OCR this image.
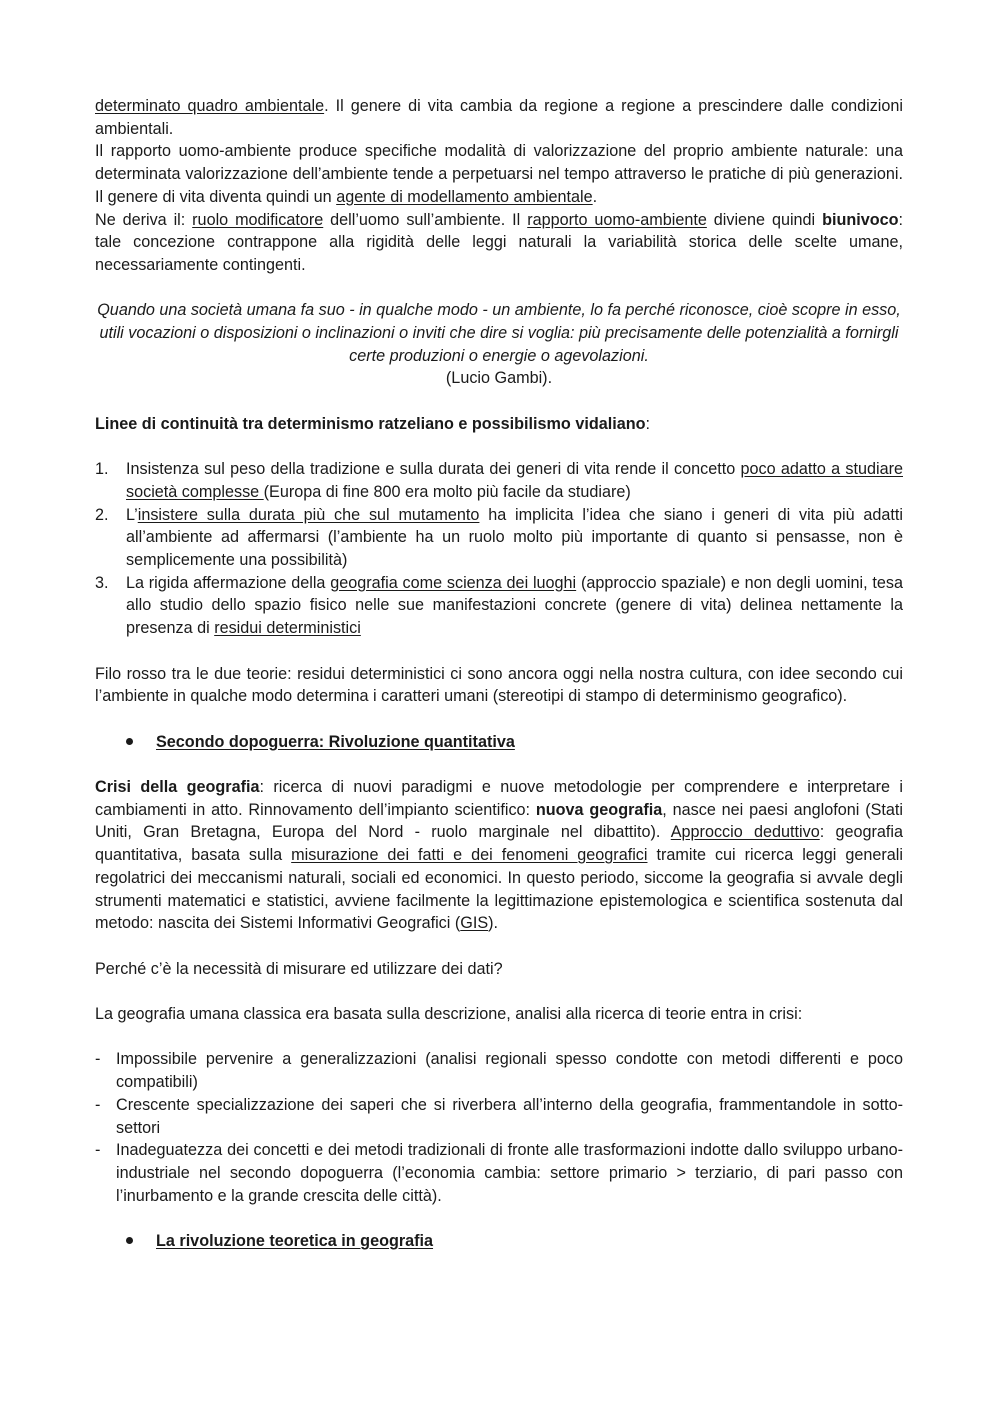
determinato quadro ambientale. Il genere di vita cambia da regione a regione a prescindere dalle condizioni ambientali.

Il rapporto uomo-ambiente produce specifiche modalità di valorizzazione del proprio ambiente naturale: una determinata valorizzazione dell’ambiente tende a perpetuarsi nel tempo attraverso le pratiche di più generazioni. Il genere di vita diventa quindi un agente di modellamento ambientale.

Ne deriva il: ruolo modificatore dell’uomo sull’ambiente. Il rapporto uomo-ambiente diviene quindi biunivoco: tale concezione contrappone alla rigidità delle leggi naturali la variabilità storica delle scelte umane, necessariamente contingenti.

Quando una società umana fa suo - in qualche modo - un ambiente, lo fa perché riconosce, cioè scopre in esso, utili vocazioni o disposizioni o inclinazioni o inviti che dire si voglia: più precisamente delle potenzialità a fornirgli certe produzioni o energie o agevolazioni.

(Lucio Gambi).

Linee di continuità tra determinismo ratzeliano e possibilismo vidaliano:

1. Insistenza sul peso della tradizione e sulla durata dei generi di vita rende il concetto poco adatto a studiare società complesse (Europa di fine 800 era molto più facile da studiare)
2. L’insistere sulla durata più che sul mutamento ha implicita l’idea che siano i generi di vita più adatti all’ambiente ad affermarsi (l’ambiente ha un ruolo molto più importante di quanto si pensasse, non è semplicemente una possibilità)
3. La rigida affermazione della geografia come scienza dei luoghi (approccio spaziale) e non degli uomini, tesa allo studio dello spazio fisico nelle sue manifestazioni concrete (genere di vita) delinea nettamente la presenza di residui deterministici

Filo rosso tra le due teorie: residui deterministici ci sono ancora oggi nella nostra cultura, con idee secondo cui l’ambiente in qualche modo determina i caratteri umani (stereotipi di stampo di determinismo geografico).

Secondo dopoguerra: Rivoluzione quantitativa

Crisi della geografia: ricerca di nuovi paradigmi e nuove metodologie per comprendere e interpretare i cambiamenti in atto. Rinnovamento dell’impianto scientifico: nuova geografia, nasce nei paesi anglofoni (Stati Uniti, Gran Bretagna, Europa del Nord - ruolo marginale nel dibattito). Approccio deduttivo: geografia quantitativa, basata sulla misurazione dei fatti e dei fenomeni geografici tramite cui ricerca leggi generali regolatrici dei meccanismi naturali, sociali ed economici. In questo periodo, siccome la geografia si avvale degli strumenti matematici e statistici, avviene facilmente la legittimazione epistemologica e scientifica sostenuta dal metodo: nascita dei Sistemi Informativi Geografici (GIS).

Perché c’è la necessità di misurare ed utilizzare dei dati?

La geografia umana classica era basata sulla descrizione, analisi alla ricerca di teorie entra in crisi:

- Impossibile pervenire a generalizzazioni (analisi regionali spesso condotte con metodi differenti e poco compatibili)
- Crescente specializzazione dei saperi che si riverbera all’interno della geografia, frammentandole in sotto-settori
- Inadeguatezza dei concetti e dei metodi tradizionali di fronte alle trasformazioni indotte dallo sviluppo urbano-industriale nel secondo dopoguerra (l’economia cambia: settore primario > terziario, di pari passo con l’inurbamento e la grande crescita delle città).
La rivoluzione teoretica in geografia
